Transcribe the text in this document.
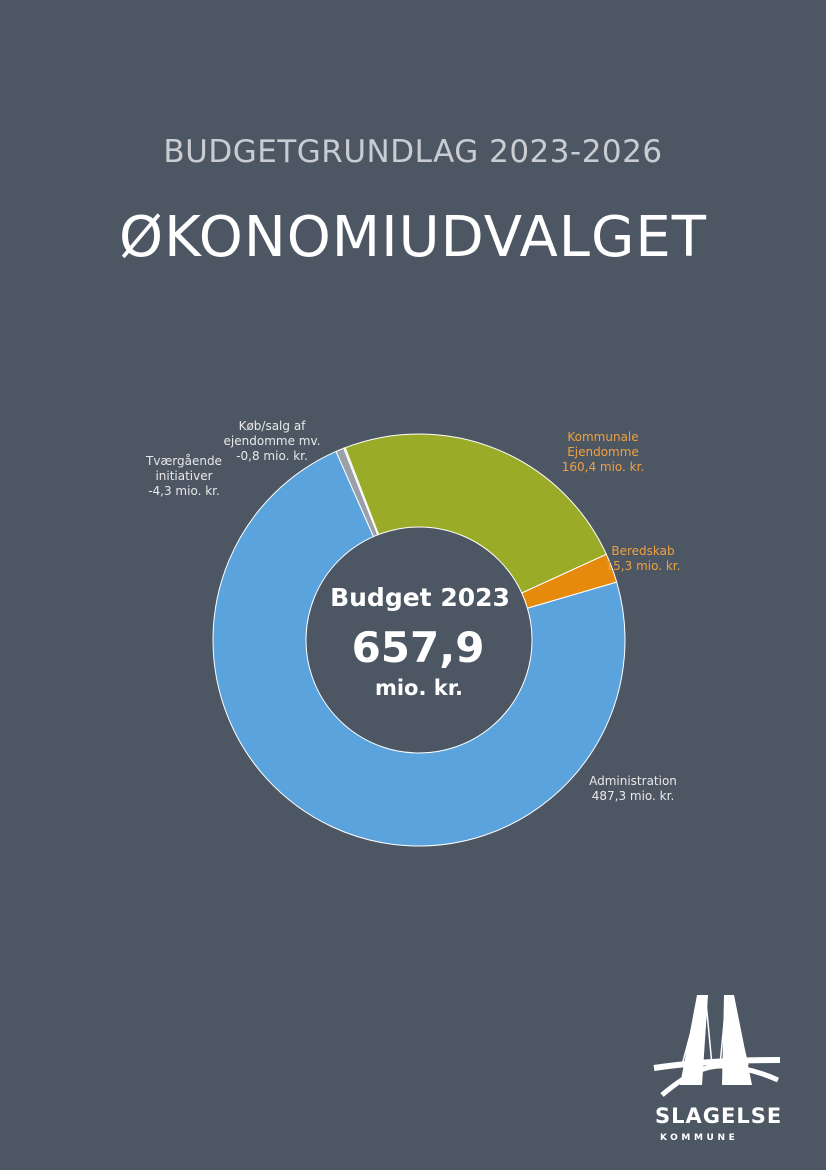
BUDGETGRUNDLAG 2023-2026
ØKONOMIUDVALGET
Kommunale Ejendomme 160,4 mio. kr.
Beredskab 15,3 mio. kr.
Administration 487,3 mio. kr.
Tværgående initiativer -4,3 mio. kr.
Køb/salg af ejendomme mv. -0,8 mio. kr.
Budget 2023
657,9
mio. kr.
SLAGELSE
KOMMUNE
